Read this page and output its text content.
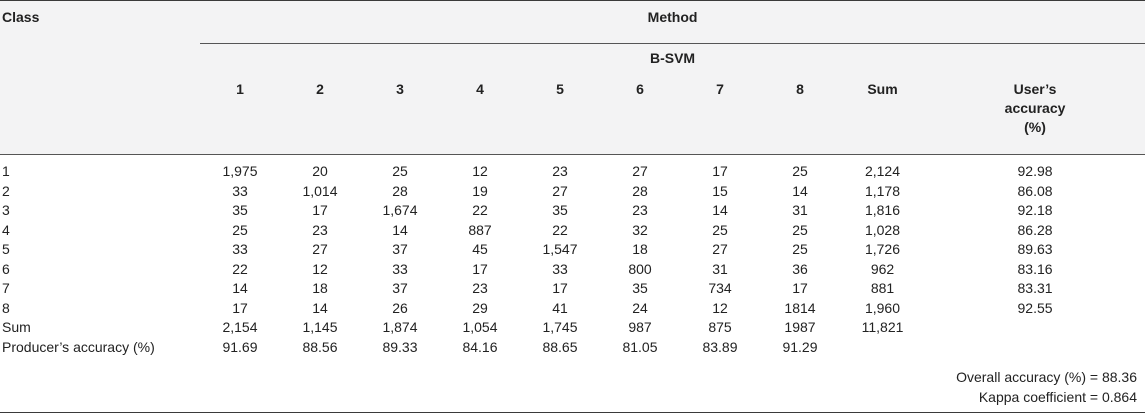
Class	Method									
	B-SVM									
	1	2	3	4	5	6	7	8	Sum	User’s
accuracy
(%)

1	1,975	20	25	12	23	27	17	25	2,124	92.98
2	33	1,014	28	19	27	28	15	14	1,178	86.08
3	35	17	1,674	22	35	23	14	31	1,816	92.18
4	25	23	14	887	22	32	25	25	1,028	86.28
5	33	27	37	45	1,547	18	27	25	1,726	89.63
6	22	12	33	17	33	800	31	36	962	83.16
7	14	18	37	23	17	35	734	17	881	83.31
8	17	14	26	29	41	24	12	1814	1,960	92.55
Sum	2,154	1,145	1,874	1,054	1,745	987	875	1987	11,821	
Producer’s accuracy (%)	91.69	88.56	89.33	84.16	88.65	81.05	83.89	91.29		
Overall accuracy (%) = 88.36
Kappa coefficient = 0.864
